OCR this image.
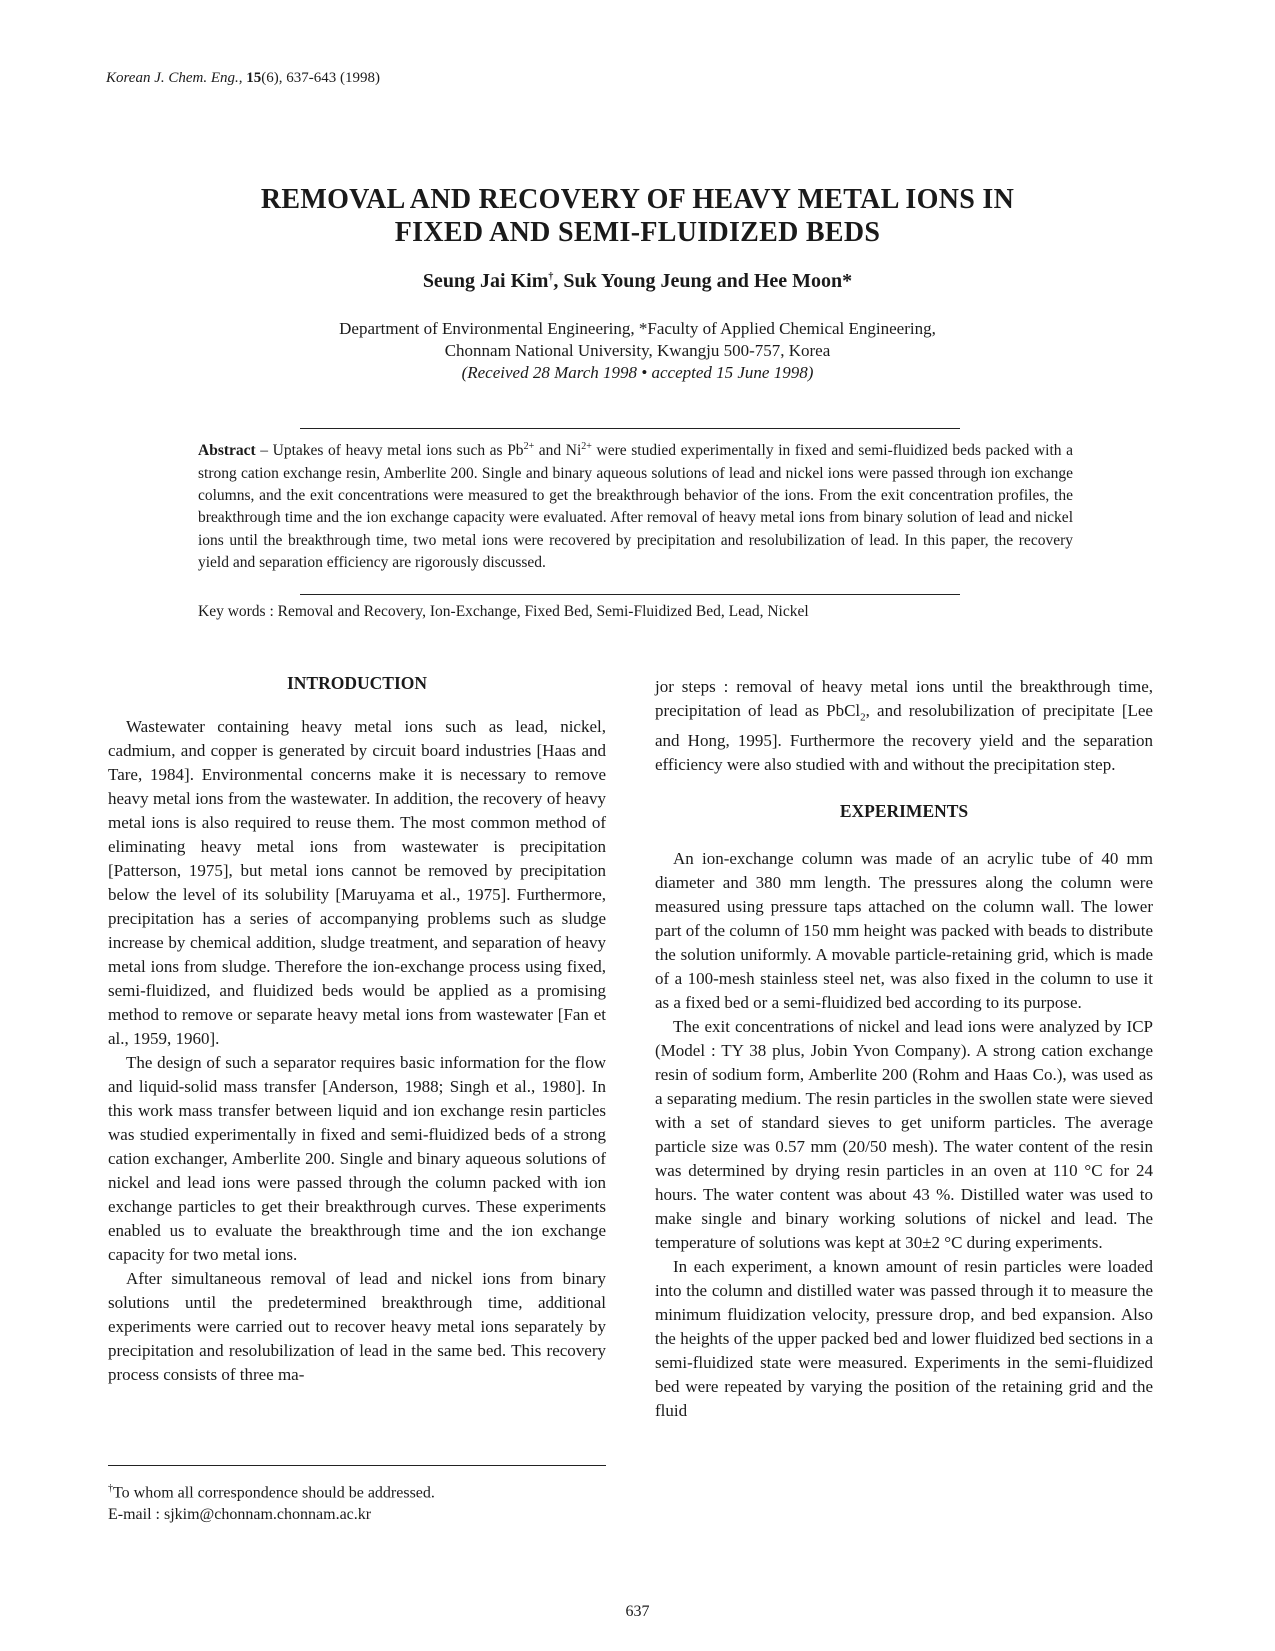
Korean J. Chem. Eng., 15(6), 637-643 (1998)
REMOVAL AND RECOVERY OF HEAVY METAL IONS IN
FIXED AND SEMI-FLUIDIZED BEDS
Seung Jai Kim†, Suk Young Jeung and Hee Moon*
Department of Environmental Engineering, *Faculty of Applied Chemical Engineering,
Chonnam National University, Kwangju 500-757, Korea
(Received 28 March 1998 • accepted 15 June 1998)
Abstract – Uptakes of heavy metal ions such as $Pb^{2+}$ and $Ni^{2+}$ were studied experimentally in fixed and semi-fluidized beds packed with a strong cation exchange resin, Amberlite 200. Single and binary aqueous solutions of lead and nickel ions were passed through ion exchange columns, and the exit concentrations were measured to get the breakthrough behavior of the ions. From the exit concentration profiles, the breakthrough time and the ion exchange capacity were evaluated. After removal of heavy metal ions from binary solution of lead and nickel ions until the breakthrough time, two metal ions were recovered by precipitation and resolubilization of lead. In this paper, the recovery yield and separation efficiency are rigorously discussed.
Key words : Removal and Recovery, Ion-Exchange, Fixed Bed, Semi-Fluidized Bed, Lead, Nickel
INTRODUCTION

Wastewater containing heavy metal ions such as lead, nickel, cadmium, and copper is generated by circuit board industries [Haas and Tare, 1984]. Environmental concerns make it is necessary to remove heavy metal ions from the wastewater. In addition, the recovery of heavy metal ions is also required to reuse them. The most common method of eliminating heavy metal ions from wastewater is precipitation [Patterson, 1975], but metal ions cannot be removed by precipitation below the level of its solubility [Maruyama et al., 1975]. Furthermore, precipitation has a series of accompanying problems such as sludge increase by chemical addition, sludge treatment, and separation of heavy metal ions from sludge. Therefore the ion-exchange process using fixed, semi-fluidized, and fluidized beds would be applied as a promising method to remove or separate heavy metal ions from wastewater [Fan et al., 1959, 1960].

The design of such a separator requires basic information for the flow and liquid-solid mass transfer [Anderson, 1988; Singh et al., 1980]. In this work mass transfer between liquid and ion exchange resin particles was studied experimentally in fixed and semi-fluidized beds of a strong cation exchanger, Amberlite 200. Single and binary aqueous solutions of nickel and lead ions were passed through the column packed with ion exchange particles to get their breakthrough curves. These experiments enabled us to evaluate the breakthrough time and the ion exchange capacity for two metal ions.

After simultaneous removal of lead and nickel ions from binary solutions until the predetermined breakthrough time, additional experiments were carried out to recover heavy metal ions separately by precipitation and resolubilization of lead in the same bed. This recovery process consists of three ma-

jor steps : removal of heavy metal ions until the breakthrough time, precipitation of lead as PbCl$_2$, and resolubilization of precipitate [Lee and Hong, 1995]. Furthermore the recovery yield and the separation efficiency were also studied with and without the precipitation step.

EXPERIMENTS

An ion-exchange column was made of an acrylic tube of 40 mm diameter and 380 mm length. The pressures along the column were measured using pressure taps attached on the column wall. The lower part of the column of 150 mm height was packed with beads to distribute the solution uniformly. A movable particle-retaining grid, which is made of a 100-mesh stainless steel net, was also fixed in the column to use it as a fixed bed or a semi-fluidized bed according to its purpose.

The exit concentrations of nickel and lead ions were analyzed by ICP (Model : TY 38 plus, Jobin Yvon Company). A strong cation exchange resin of sodium form, Amberlite 200 (Rohm and Haas Co.), was used as a separating medium. The resin particles in the swollen state were sieved with a set of standard sieves to get uniform particles. The average particle size was 0.57 mm (20/50 mesh). The water content of the resin was determined by drying resin particles in an oven at 110 °C for 24 hours. The water content was about 43 %. Distilled water was used to make single and binary working solutions of nickel and lead. The temperature of solutions was kept at 30±2 °C during experiments.

In each experiment, a known amount of resin particles were loaded into the column and distilled water was passed through it to measure the minimum fluidization velocity, pressure drop, and bed expansion. Also the heights of the upper packed bed and lower fluidized bed sections in a semi-fluidized state were measured. Experiments in the semi-fluidized bed were repeated by varying the position of the retaining grid and the fluid

†To whom all correspondence should be addressed.
E-mail : sjkim@chonnam.chonnam.ac.kr
637
